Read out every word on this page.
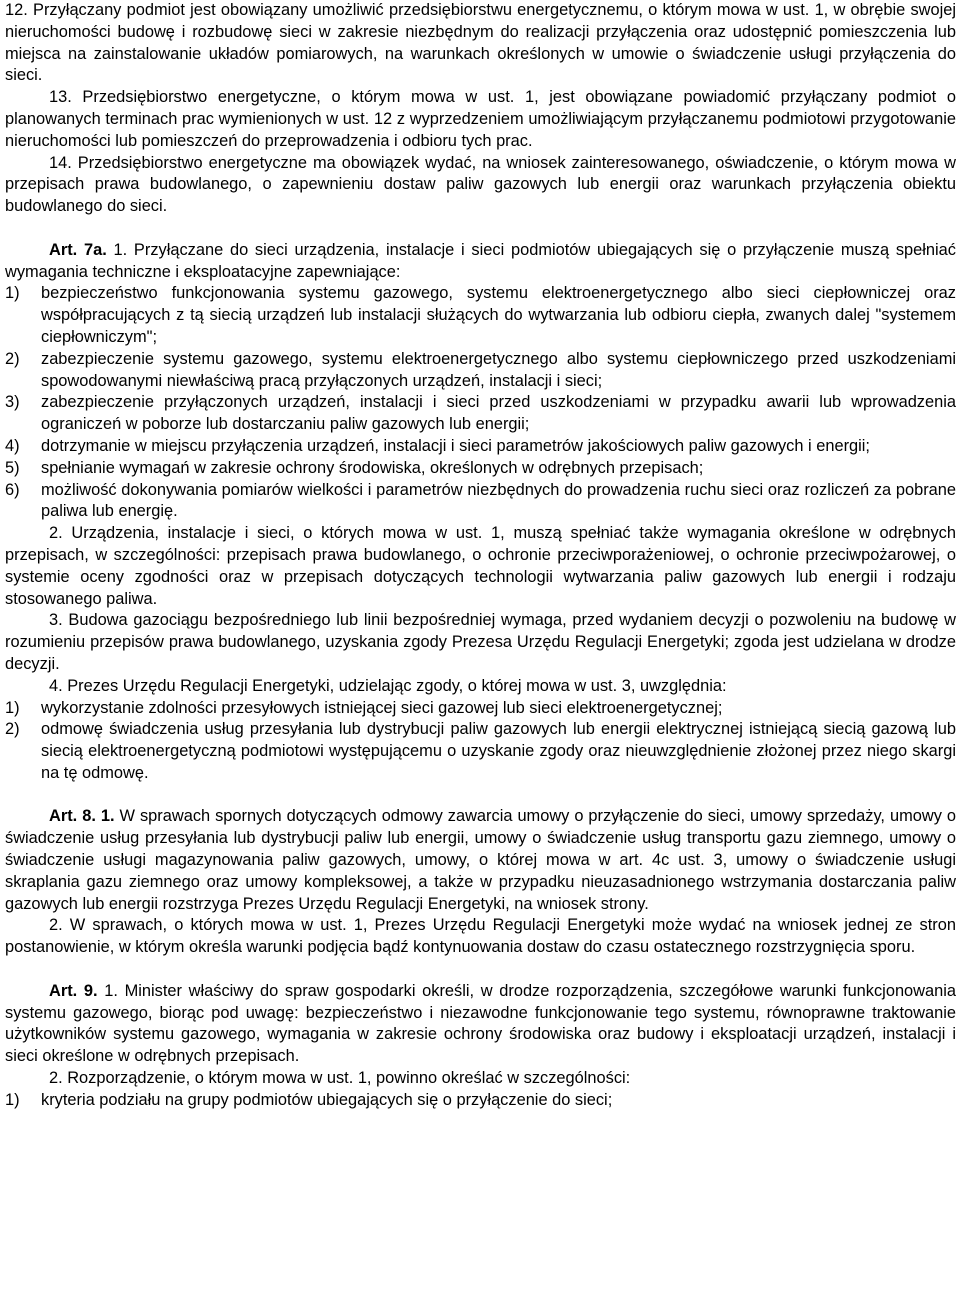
12. Przyłączany podmiot jest obowiązany umożliwić przedsiębiorstwu energetycznemu, o którym mowa w ust. 1, w obrębie swojej nieruchomości budowę i rozbudowę sieci w zakresie niezbędnym do realizacji przyłączenia oraz udostępnić pomieszczenia lub miejsca na zainstalowanie układów pomiarowych, na warunkach określonych w umowie o świadczenie usługi przyłączenia do sieci.

13. Przedsiębiorstwo energetyczne, o którym mowa w ust. 1, jest obowiązane powiadomić przyłączany podmiot o planowanych terminach prac wymienionych w ust. 12 z wyprzedzeniem umożliwiającym przyłączanemu podmiotowi przygotowanie nieruchomości lub pomieszczeń do przeprowadzenia i odbioru tych prac.

14. Przedsiębiorstwo energetyczne ma obowiązek wydać, na wniosek zainteresowanego, oświadczenie, o którym mowa w przepisach prawa budowlanego, o zapewnieniu dostaw paliw gazowych lub energii oraz warunkach przyłączenia obiektu budowlanego do sieci.

Art. 7a. 1. Przyłączane do sieci urządzenia, instalacje i sieci podmiotów ubiegających się o przyłączenie muszą spełniać wymagania techniczne i eksploatacyjne zapewniające:

1) bezpieczeństwo funkcjonowania systemu gazowego, systemu elektroenergetycznego albo sieci ciepłowniczej oraz współpracujących z tą siecią urządzeń lub instalacji służących do wytwarzania lub odbioru ciepła, zwanych dalej "systemem ciepłowniczym";
2) zabezpieczenie systemu gazowego, systemu elektroenergetycznego albo systemu ciepłowniczego przed uszkodzeniami spowodowanymi niewłaściwą pracą przyłączonych urządzeń, instalacji i sieci;
3) zabezpieczenie przyłączonych urządzeń, instalacji i sieci przed uszkodzeniami w przypadku awarii lub wprowadzenia ograniczeń w poborze lub dostarczaniu paliw gazowych lub energii;
4) dotrzymanie w miejscu przyłączenia urządzeń, instalacji i sieci parametrów jakościowych paliw gazowych i energii;
5) spełnianie wymagań w zakresie ochrony środowiska, określonych w odrębnych przepisach;
6) możliwość dokonywania pomiarów wielkości i parametrów niezbędnych do prowadzenia ruchu sieci oraz rozliczeń za pobrane paliwa lub energię.

2. Urządzenia, instalacje i sieci, o których mowa w ust. 1, muszą spełniać także wymagania określone w odrębnych przepisach, w szczególności: przepisach prawa budowlanego, o ochronie przeciwporażeniowej, o ochronie przeciwpożarowej, o systemie oceny zgodności oraz w przepisach dotyczących technologii wytwarzania paliw gazowych lub energii i rodzaju stosowanego paliwa.

3. Budowa gazociągu bezpośredniego lub linii bezpośredniej wymaga, przed wydaniem decyzji o pozwoleniu na budowę w rozumieniu przepisów prawa budowlanego, uzyskania zgody Prezesa Urzędu Regulacji Energetyki; zgoda jest udzielana w drodze decyzji.

4. Prezes Urzędu Regulacji Energetyki, udzielając zgody, o której mowa w ust. 3, uwzględnia:

1) wykorzystanie zdolności przesyłowych istniejącej sieci gazowej lub sieci elektroenergetycznej;
2) odmowę świadczenia usług przesyłania lub dystrybucji paliw gazowych lub energii elektrycznej istniejącą siecią gazową lub siecią elektroenergetyczną podmiotowi występującemu o uzyskanie zgody oraz nieuwzględnienie złożonej przez niego skargi na tę odmowę.

Art. 8. 1. W sprawach spornych dotyczących odmowy zawarcia umowy o przyłączenie do sieci, umowy sprzedaży, umowy o świadczenie usług przesyłania lub dystrybucji paliw lub energii, umowy o świadczenie usług transportu gazu ziemnego, umowy o świadczenie usługi magazynowania paliw gazowych, umowy, o której mowa w art. 4c ust. 3, umowy o świadczenie usługi skraplania gazu ziemnego oraz umowy kompleksowej, a także w przypadku nieuzasadnionego wstrzymania dostarczania paliw gazowych lub energii rozstrzyga Prezes Urzędu Regulacji Energetyki, na wniosek strony.

2. W sprawach, o których mowa w ust. 1, Prezes Urzędu Regulacji Energetyki może wydać na wniosek jednej ze stron postanowienie, w którym określa warunki podjęcia bądź kontynuowania dostaw do czasu ostatecznego rozstrzygnięcia sporu.

Art. 9. 1. Minister właściwy do spraw gospodarki określi, w drodze rozporządzenia, szczegółowe warunki funkcjonowania systemu gazowego, biorąc pod uwagę: bezpieczeństwo i niezawodne funkcjonowanie tego systemu, równoprawne traktowanie użytkowników systemu gazowego, wymagania w zakresie ochrony środowiska oraz budowy i eksploatacji urządzeń, instalacji i sieci określone w odrębnych przepisach.

2. Rozporządzenie, o którym mowa w ust. 1, powinno określać w szczególności:

1) kryteria podziału na grupy podmiotów ubiegających się o przyłączenie do sieci;
